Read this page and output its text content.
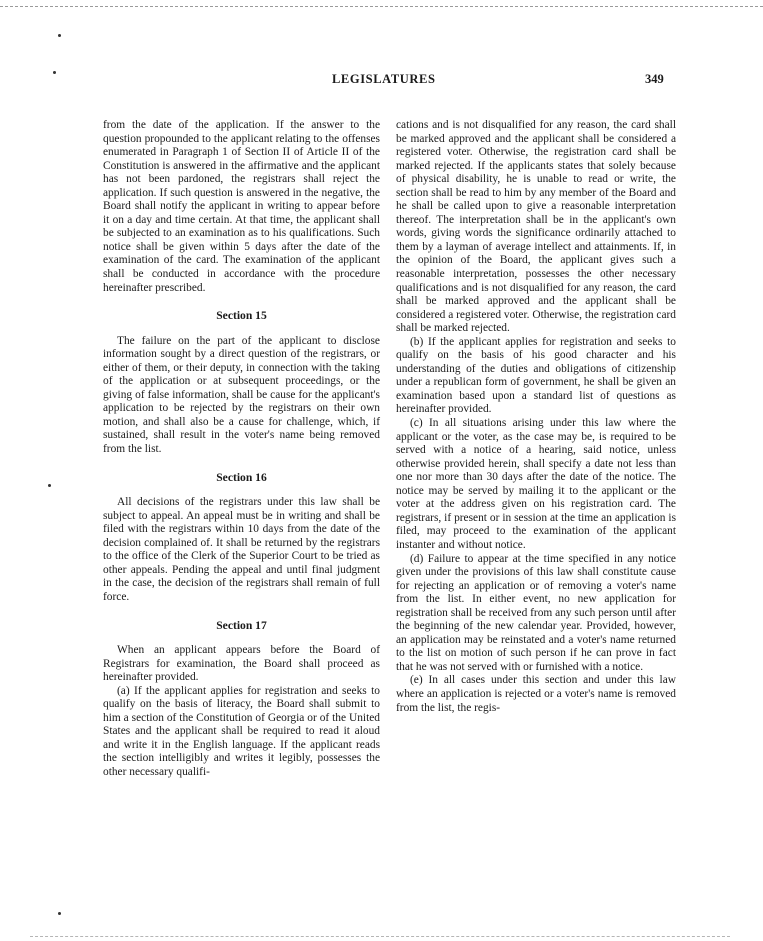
LEGISLATURES	349

from the date of the application. If the answer to the question propounded to the applicant relating to the offenses enumerated in Paragraph 1 of Section II of Article II of the Constitution is answered in the affirmative and the applicant has not been pardoned, the registrars shall reject the application. If such question is answered in the negative, the Board shall notify the applicant in writing to appear before it on a day and time certain. At that time, the applicant shall be subjected to an examination as to his qualifications. Such notice shall be given within 5 days after the date of the examination of the card. The examination of the applicant shall be conducted in accordance with the procedure hereinafter prescribed.

Section 15

The failure on the part of the applicant to disclose information sought by a direct question of the registrars, or either of them, or their deputy, in connection with the taking of the application or at subsequent proceedings, or the giving of false information, shall be cause for the applicant's application to be rejected by the registrars on their own motion, and shall also be a cause for challenge, which, if sustained, shall result in the voter's name being removed from the list.

Section 16

All decisions of the registrars under this law shall be subject to appeal. An appeal must be in writing and shall be filed with the registrars within 10 days from the date of the decision complained of. It shall be returned by the registrars to the office of the Clerk of the Superior Court to be tried as other appeals. Pending the appeal and until final judgment in the case, the decision of the registrars shall remain of full force.

Section 17

When an applicant appears before the Board of Registrars for examination, the Board shall proceed as hereinafter provided.

(a) If the applicant applies for registration and seeks to qualify on the basis of literacy, the Board shall submit to him a section of the Constitution of Georgia or of the United States and the applicant shall be required to read it aloud and write it in the English language. If the applicant reads the section intelligibly and writes it legibly, possesses the other necessary qualifi-

cations and is not disqualified for any reason, the card shall be marked approved and the applicant shall be considered a registered voter. Otherwise, the registration card shall be marked rejected. If the applicants states that solely because of physical disability, he is unable to read or write, the section shall be read to him by any member of the Board and he shall be called upon to give a reasonable interpretation thereof. The interpretation shall be in the applicant's own words, giving words the significance ordinarily attached to them by a layman of average intellect and attainments. If, in the opinion of the Board, the applicant gives such a reasonable interpretation, possesses the other necessary qualifications and is not disqualified for any reason, the card shall be marked approved and the applicant shall be considered a registered voter. Otherwise, the registration card shall be marked rejected.

(b) If the applicant applies for registration and seeks to qualify on the basis of his good character and his understanding of the duties and obligations of citizenship under a republican form of government, he shall be given an examination based upon a standard list of questions as hereinafter provided.

(c) In all situations arising under this law where the applicant or the voter, as the case may be, is required to be served with a notice of a hearing, said notice, unless otherwise provided herein, shall specify a date not less than one nor more than 30 days after the date of the notice. The notice may be served by mailing it to the applicant or the voter at the address given on his registration card. The registrars, if present or in session at the time an application is filed, may proceed to the examination of the applicant instanter and without notice.

(d) Failure to appear at the time specified in any notice given under the provisions of this law shall constitute cause for rejecting an application or of removing a voter's name from the list. In either event, no new application for registration shall be received from any such person until after the beginning of the new calendar year. Provided, however, an application may be reinstated and a voter's name returned to the list on motion of such person if he can prove in fact that he was not served with or furnished with a notice.

(e) In all cases under this section and under this law where an application is rejected or a voter's name is removed from the list, the regis-
